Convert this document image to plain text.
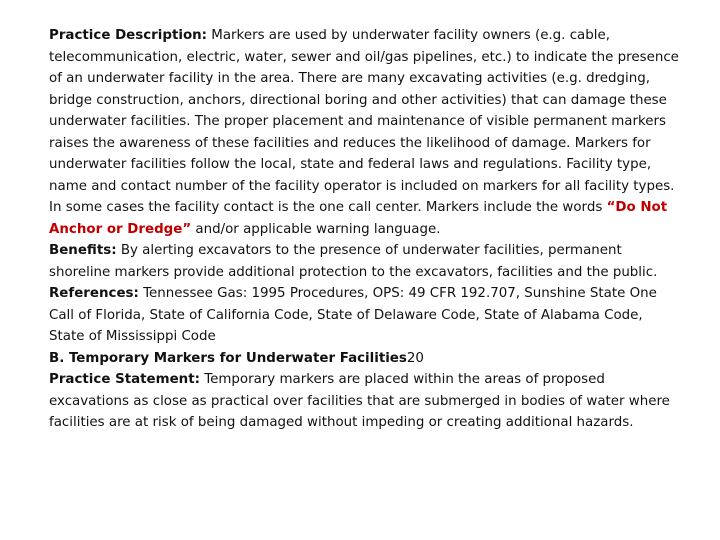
Practice Description: Markers are used by underwater facility owners (e.g. cable, telecommunication, electric, water, sewer and oil/gas pipelines, etc.) to indicate the presence of an underwater facility in the area. There are many excavating activities (e.g. dredging, bridge construction, anchors, directional boring and other activities) that can damage these underwater facilities. The proper placement and maintenance of visible permanent markers raises the awareness of these facilities and reduces the likelihood of damage. Markers for underwater facilities follow the local, state and federal laws and regulations. Facility type, name and contact number of the facility operator is included on markers for all facility types. In some cases the facility contact is the one call center. Markers include the words “Do Not Anchor or Dredge” and/or applicable warning language.

Benefits: By alerting excavators to the presence of underwater facilities, permanent shoreline markers provide additional protection to the excavators, facilities and the public.

References: Tennessee Gas: 1995 Procedures, OPS: 49 CFR 192.707, Sunshine State One Call of Florida, State of California Code, State of Delaware Code, State of Alabama Code, State of Mississippi Code

B. Temporary Markers for Underwater Facilities20

Practice Statement: Temporary markers are placed within the areas of proposed excavations as close as practical over facilities that are submerged in bodies of water where facilities are at risk of being damaged without impeding or creating additional hazards.
